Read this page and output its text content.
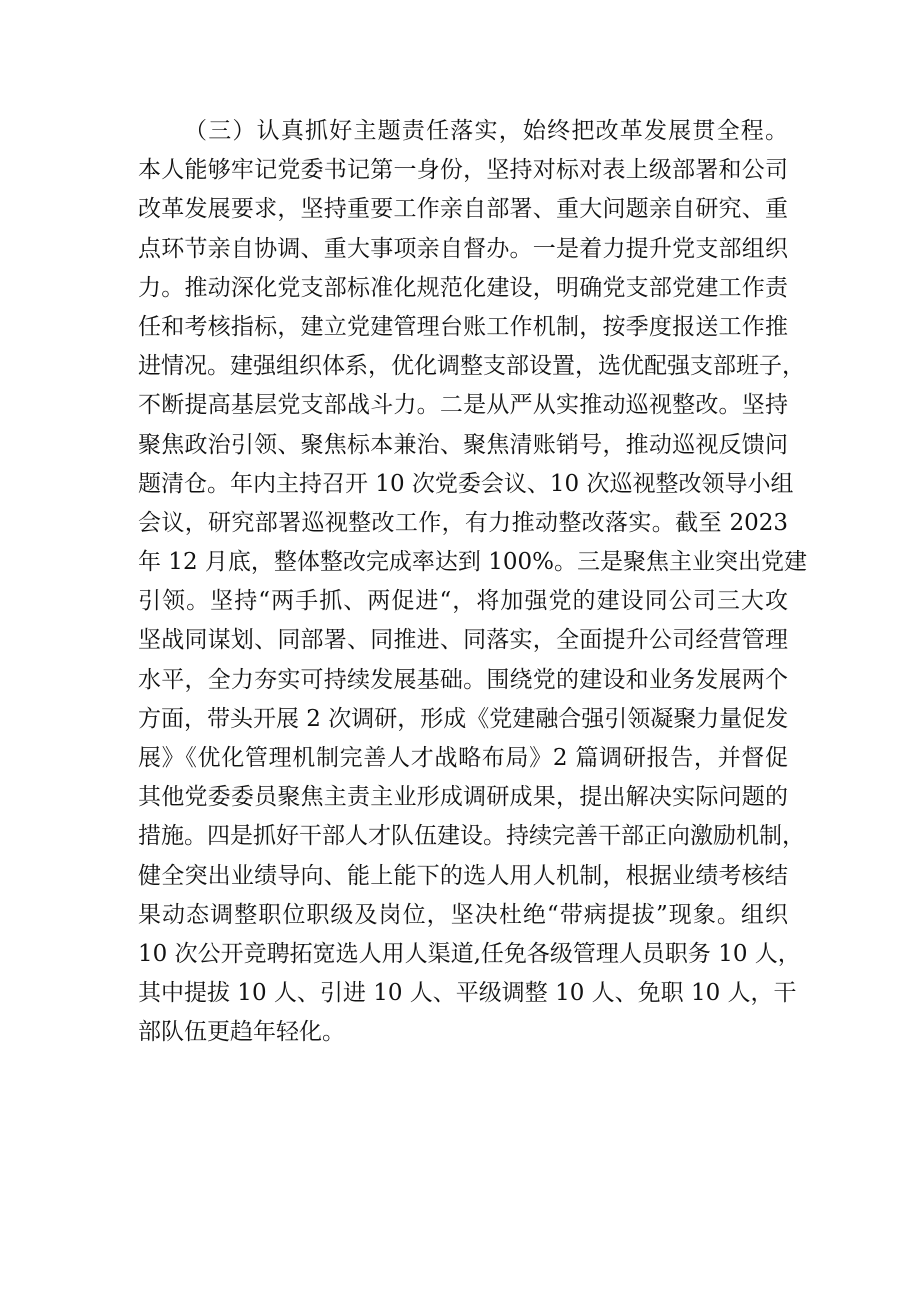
（三）认真抓好主题责任落实，始终把改革发展贯全程。
本人能够牢记党委书记第一身份，坚持对标对表上级部署和公司
改革发展要求，坚持重要工作亲自部署、重大问题亲自研究、重
点环节亲自协调、重大事项亲自督办。一是着力提升党支部组织
力。推动深化党支部标准化规范化建设，明确党支部党建工作责
任和考核指标，建立党建管理台账工作机制，按季度报送工作推
进情况。建强组织体系，优化调整支部设置，选优配强支部班子，
不断提高基层党支部战斗力。二是从严从实推动巡视整改。坚持
聚焦政治引领、聚焦标本兼治、聚焦清账销号，推动巡视反馈问
题清仓。年内主持召开 10 次党委会议、10 次巡视整改领导小组
会议，研究部署巡视整改工作，有力推动整改落实。截至 2023
年 12 月底，整体整改完成率达到 100%。三是聚焦主业突出党建
引领。坚持“两手抓、两促进“，将加强党的建设同公司三大攻
坚战同谋划、同部署、同推进、同落实，全面提升公司经营管理
水平，全力夯实可持续发展基础。围绕党的建设和业务发展两个
方面，带头开展 2 次调研，形成《党建融合强引领凝聚力量促发
展》《优化管理机制完善人才战略布局》2 篇调研报告，并督促
其他党委委员聚焦主责主业形成调研成果，提出解决实际问题的
措施。四是抓好干部人才队伍建设。持续完善干部正向激励机制，
健全突出业绩导向、能上能下的选人用人机制，根据业绩考核结
果动态调整职位职级及岗位，坚决杜绝“带病提拔”现象。组织
10 次公开竞聘拓宽选人用人渠道,任免各级管理人员职务 10 人，
其中提拔 10 人、引进 10 人、平级调整 10 人、免职 10 人，干
部队伍更趋年轻化。
